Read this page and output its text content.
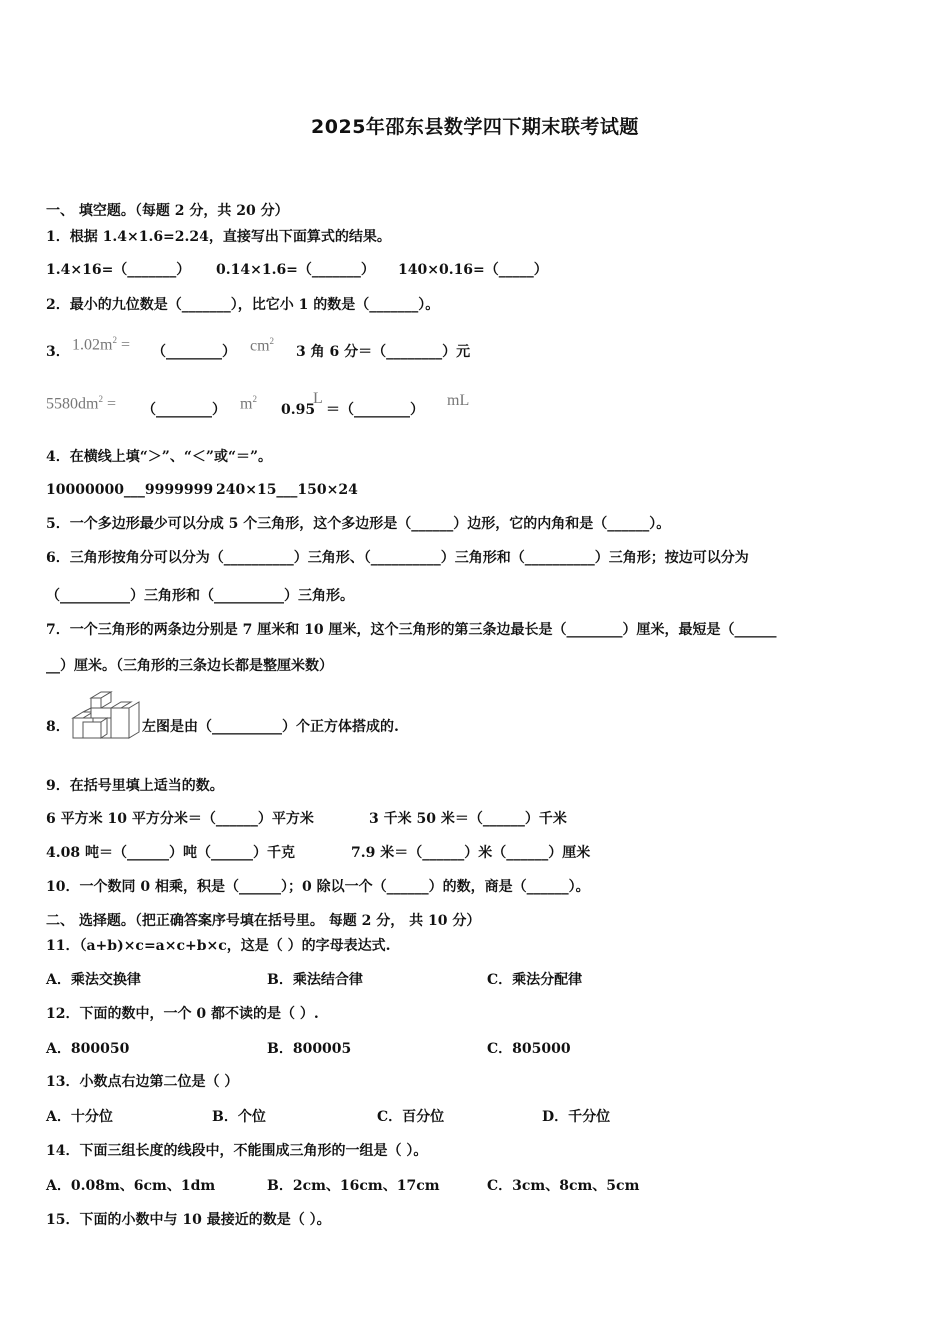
2025年邵东县数学四下期末联考试题
一、 填空题。（每题 2 分，共 20 分）
1．根据 1.4×1.6=2.24，直接写出下面算式的结果。
1.4×16=（_______） 0.14×1.6=（_______） 140×0.16=（_____）
2．最小的九位数是（_______），比它小 1 的数是（_______）。
3． $1.02m^2$ = （________） $cm^2$
3 角 6 分＝（________）元
$5580dm^2$ = （________） $m^2$
0.95
L
＝（________）
mL
4．在横线上填“＞”、“＜”或“＝”。
10000000___9999999 240×15___150×24
5．一个多边形最少可以分成 5 个三角形，这个多边形是（______）边形，它的内角和是（______）。
6．三角形按角分可以分为（__________）三角形、（__________）三角形和（__________）三角形；按边可以分为
（__________）三角形和（__________）三角形。
7．一个三角形的两条边分别是 7 厘米和 10 厘米，这个三角形的第三条边最长是（________）厘米，最短是（______
__）厘米。（三角形的三条边长都是整厘米数）
8．	左图是由（__________）个正方体搭成的.
9．在括号里填上适当的数。
6 平方米 10 平方分米＝（______）平方米	3 千米 50 米＝（______）千米
4.08 吨＝（______）吨（______）千克	7.9 米＝（______）米（______）厘米
10．一个数同 0 相乘，积是（______）；0 除以一个（______）的数，商是（______）。
二、 选择题。（把正确答案序号填在括号里。 每题 2 分， 共 10 分）
11．（a+b)×c=a×c+b×c，这是（ ）的字母表达式.
A．乘法交换律	B．乘法结合律	C．乘法分配律
12．下面的数中，一个 0 都不读的是（ ）.
A．800050	B．800005	C．805000
13．小数点右边第二位是（ ）
A．十分位	B．个位	C．百分位	D．千分位
14．下面三组长度的线段中，不能围成三角形的一组是（ ）。
A．0.08m、6cm、1dm	B．2cm、16cm、17cm	C．3cm、8cm、5cm
15．下面的小数中与 10 最接近的数是（ ）。
